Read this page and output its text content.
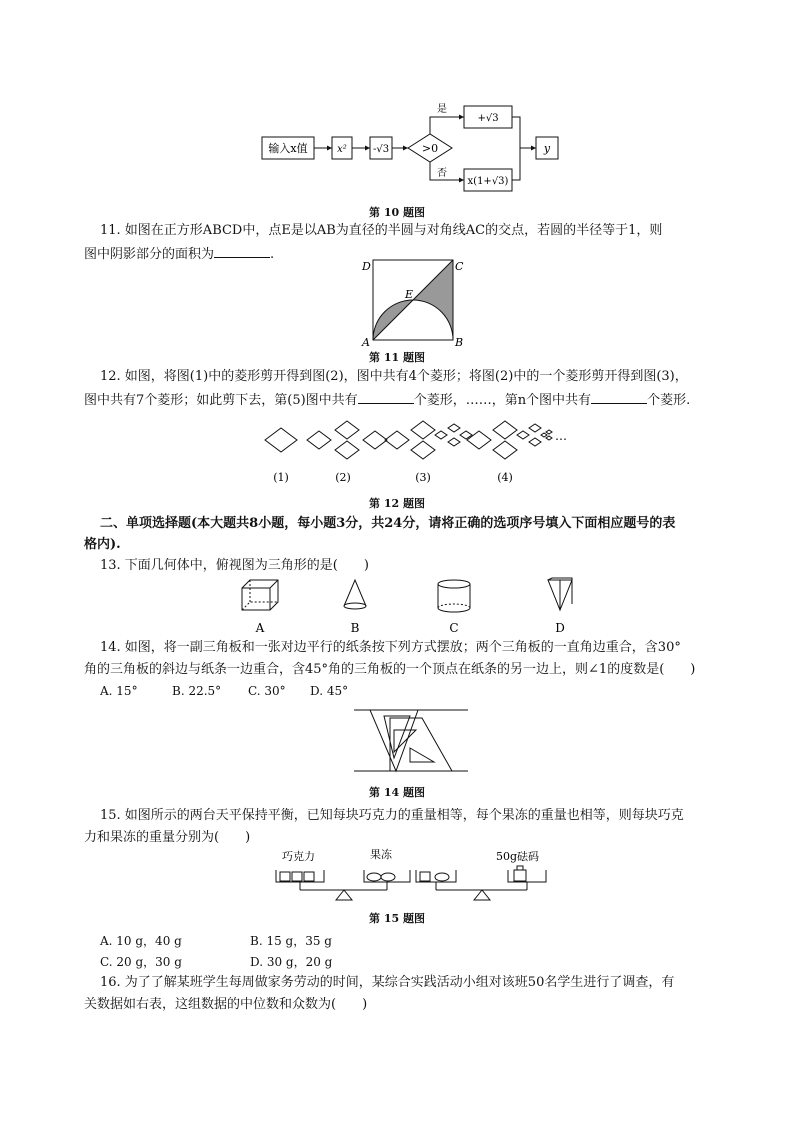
输入x值	x²	-√3	>0
是
否
+√3
x(1+√3)
y
第 10 题图
11. 如图在正方形ABCD中，点E是以AB为直径的半圆与对角线AC的交点，若圆的半径等于1，则
图中阴影部分的面积为	.
D	C
E
A	B
第 11 题图
12. 如图，将图(1)中的菱形剪开得到图(2)，图中共有4个菱形；将图(2)中的一个菱形剪开得到图(3)，
图中共有7个菱形；如此剪下去，第(5)图中共有	个菱形，……，第n个图中共有	个菱形.
…
(1)	(2)	(3)	(4)
第 12 题图
二、单项选择题(本大题共8小题，每小题3分，共24分，请将正确的选项序号填入下面相应题号的表
格内).
13. 下面几何体中，俯视图为三角形的是(　　)
A	B	C	D
14. 如图，将一副三角板和一张对边平行的纸条按下列方式摆放；两个三角板的一直角边重合，含30°
角的三角板的斜边与纸条一边重合，含45°角的三角板的一个顶点在纸条的另一边上，则∠1的度数是(　　)
A. 15°	B. 22.5° C. 30° D. 45°
第 14 题图
15. 如图所示的两台天平保持平衡，已知每块巧克力的重量相等，每个果冻的重量也相等，则每块巧克
力和果冻的重量分别为(　　)
巧克力	果冻	50g砝码
第 15 题图
A. 10 g，40 g	B. 15 g，35 g
C. 20 g，30 g	D. 30 g，20 g
16. 为了了解某班学生每周做家务劳动的时间，某综合实践活动小组对该班50名学生进行了调查，有
关数据如右表，这组数据的中位数和众数为(　　)
